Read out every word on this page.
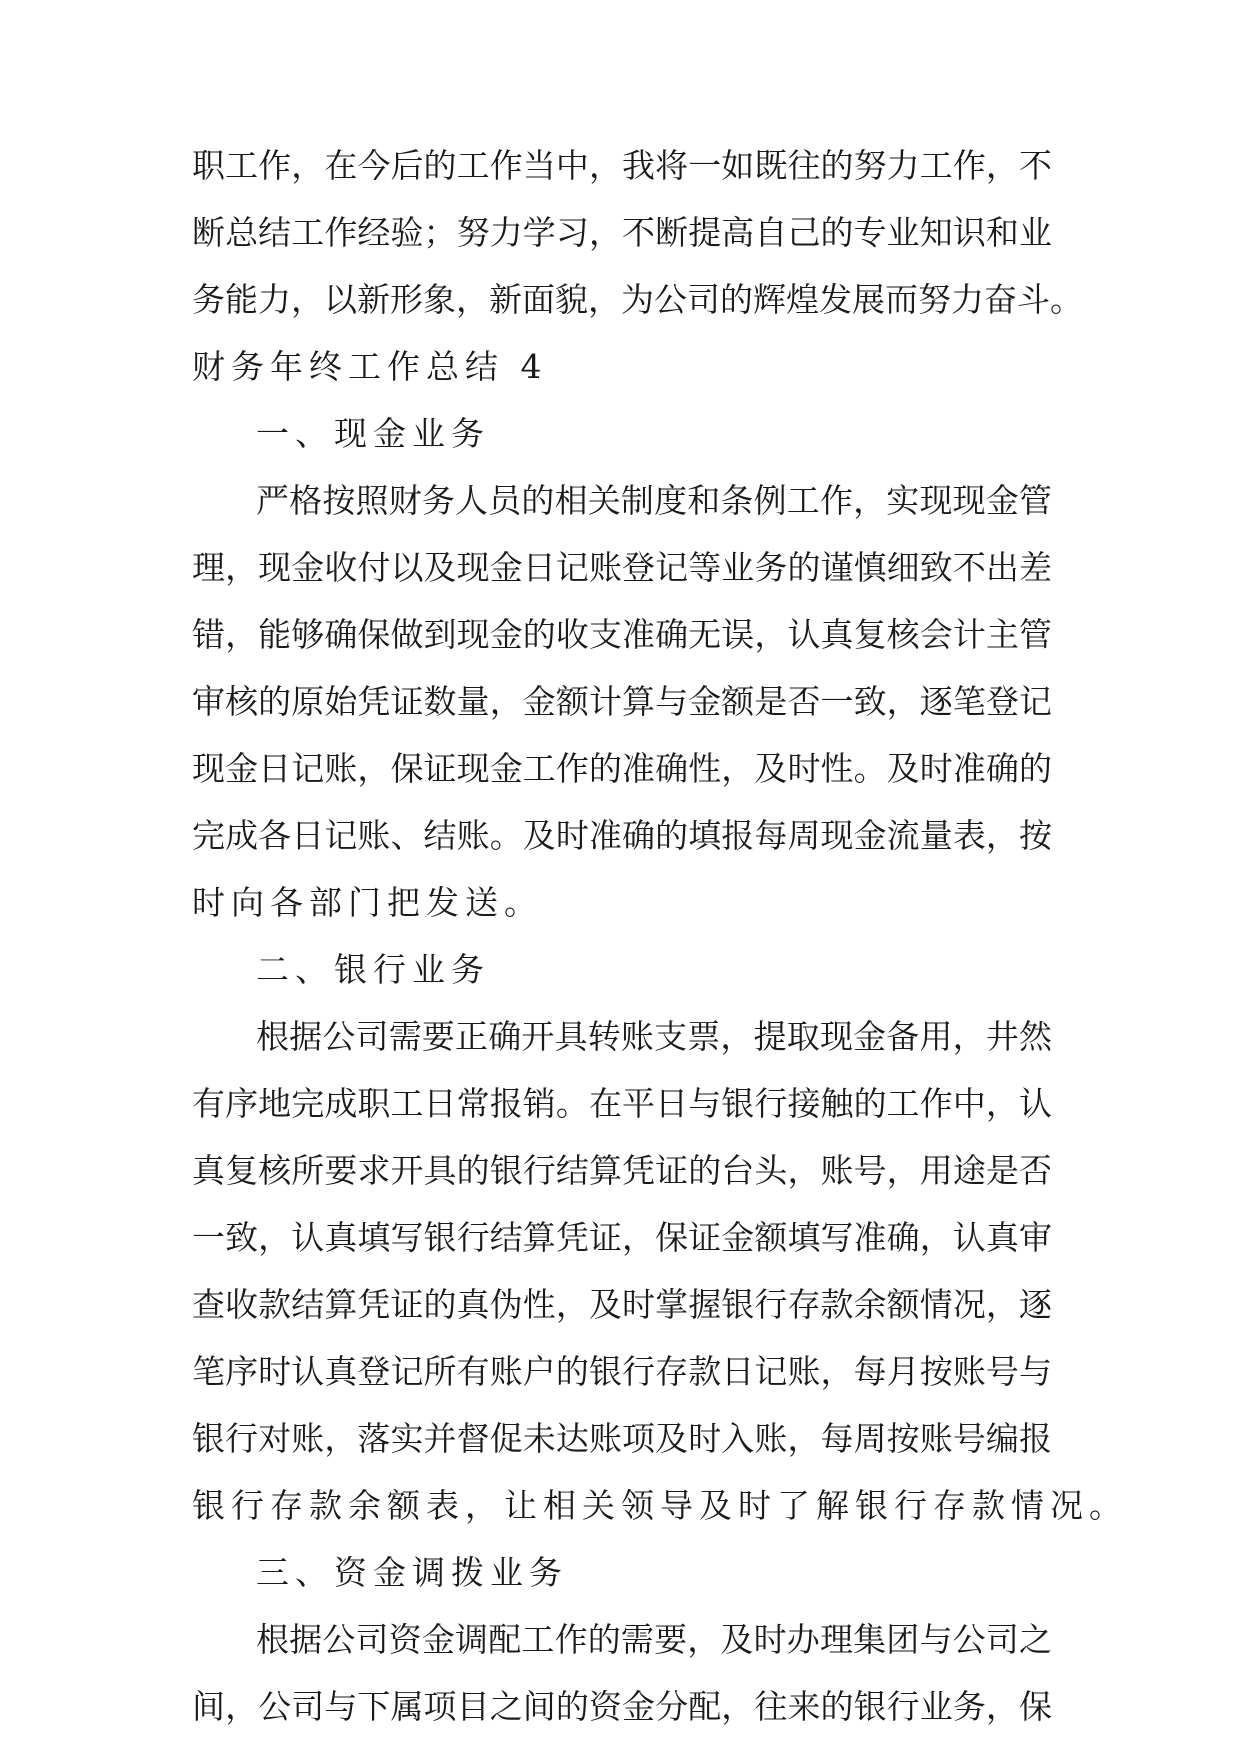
职工作，在今后的工作当中，我将一如既往的努力工作，不
断总结工作经验；努力学习，不断提高自己的专业知识和业
务能力，以新形象，新面貌，为公司的辉煌发展而努力奋斗。
财务年终工作总结 4
一、现金业务
严格按照财务人员的相关制度和条例工作，实现现金管
理，现金收付以及现金日记账登记等业务的谨慎细致不出差
错，能够确保做到现金的收支准确无误，认真复核会计主管
审核的原始凭证数量，金额计算与金额是否一致，逐笔登记
现金日记账，保证现金工作的准确性，及时性。及时准确的
完成各日记账、结账。及时准确的填报每周现金流量表，按
时向各部门把发送。
二、银行业务
根据公司需要正确开具转账支票，提取现金备用，井然
有序地完成职工日常报销。在平日与银行接触的工作中，认
真复核所要求开具的银行结算凭证的台头，账号，用途是否
一致，认真填写银行结算凭证，保证金额填写准确，认真审
查收款结算凭证的真伪性，及时掌握银行存款余额情况，逐
笔序时认真登记所有账户的银行存款日记账，每月按账号与
银行对账，落实并督促未达账项及时入账，每周按账号编报
银行存款余额表，让相关领导及时了解银行存款情况。
三、资金调拨业务
根据公司资金调配工作的需要，及时办理集团与公司之
间，公司与下属项目之间的资金分配，往来的银行业务，保
